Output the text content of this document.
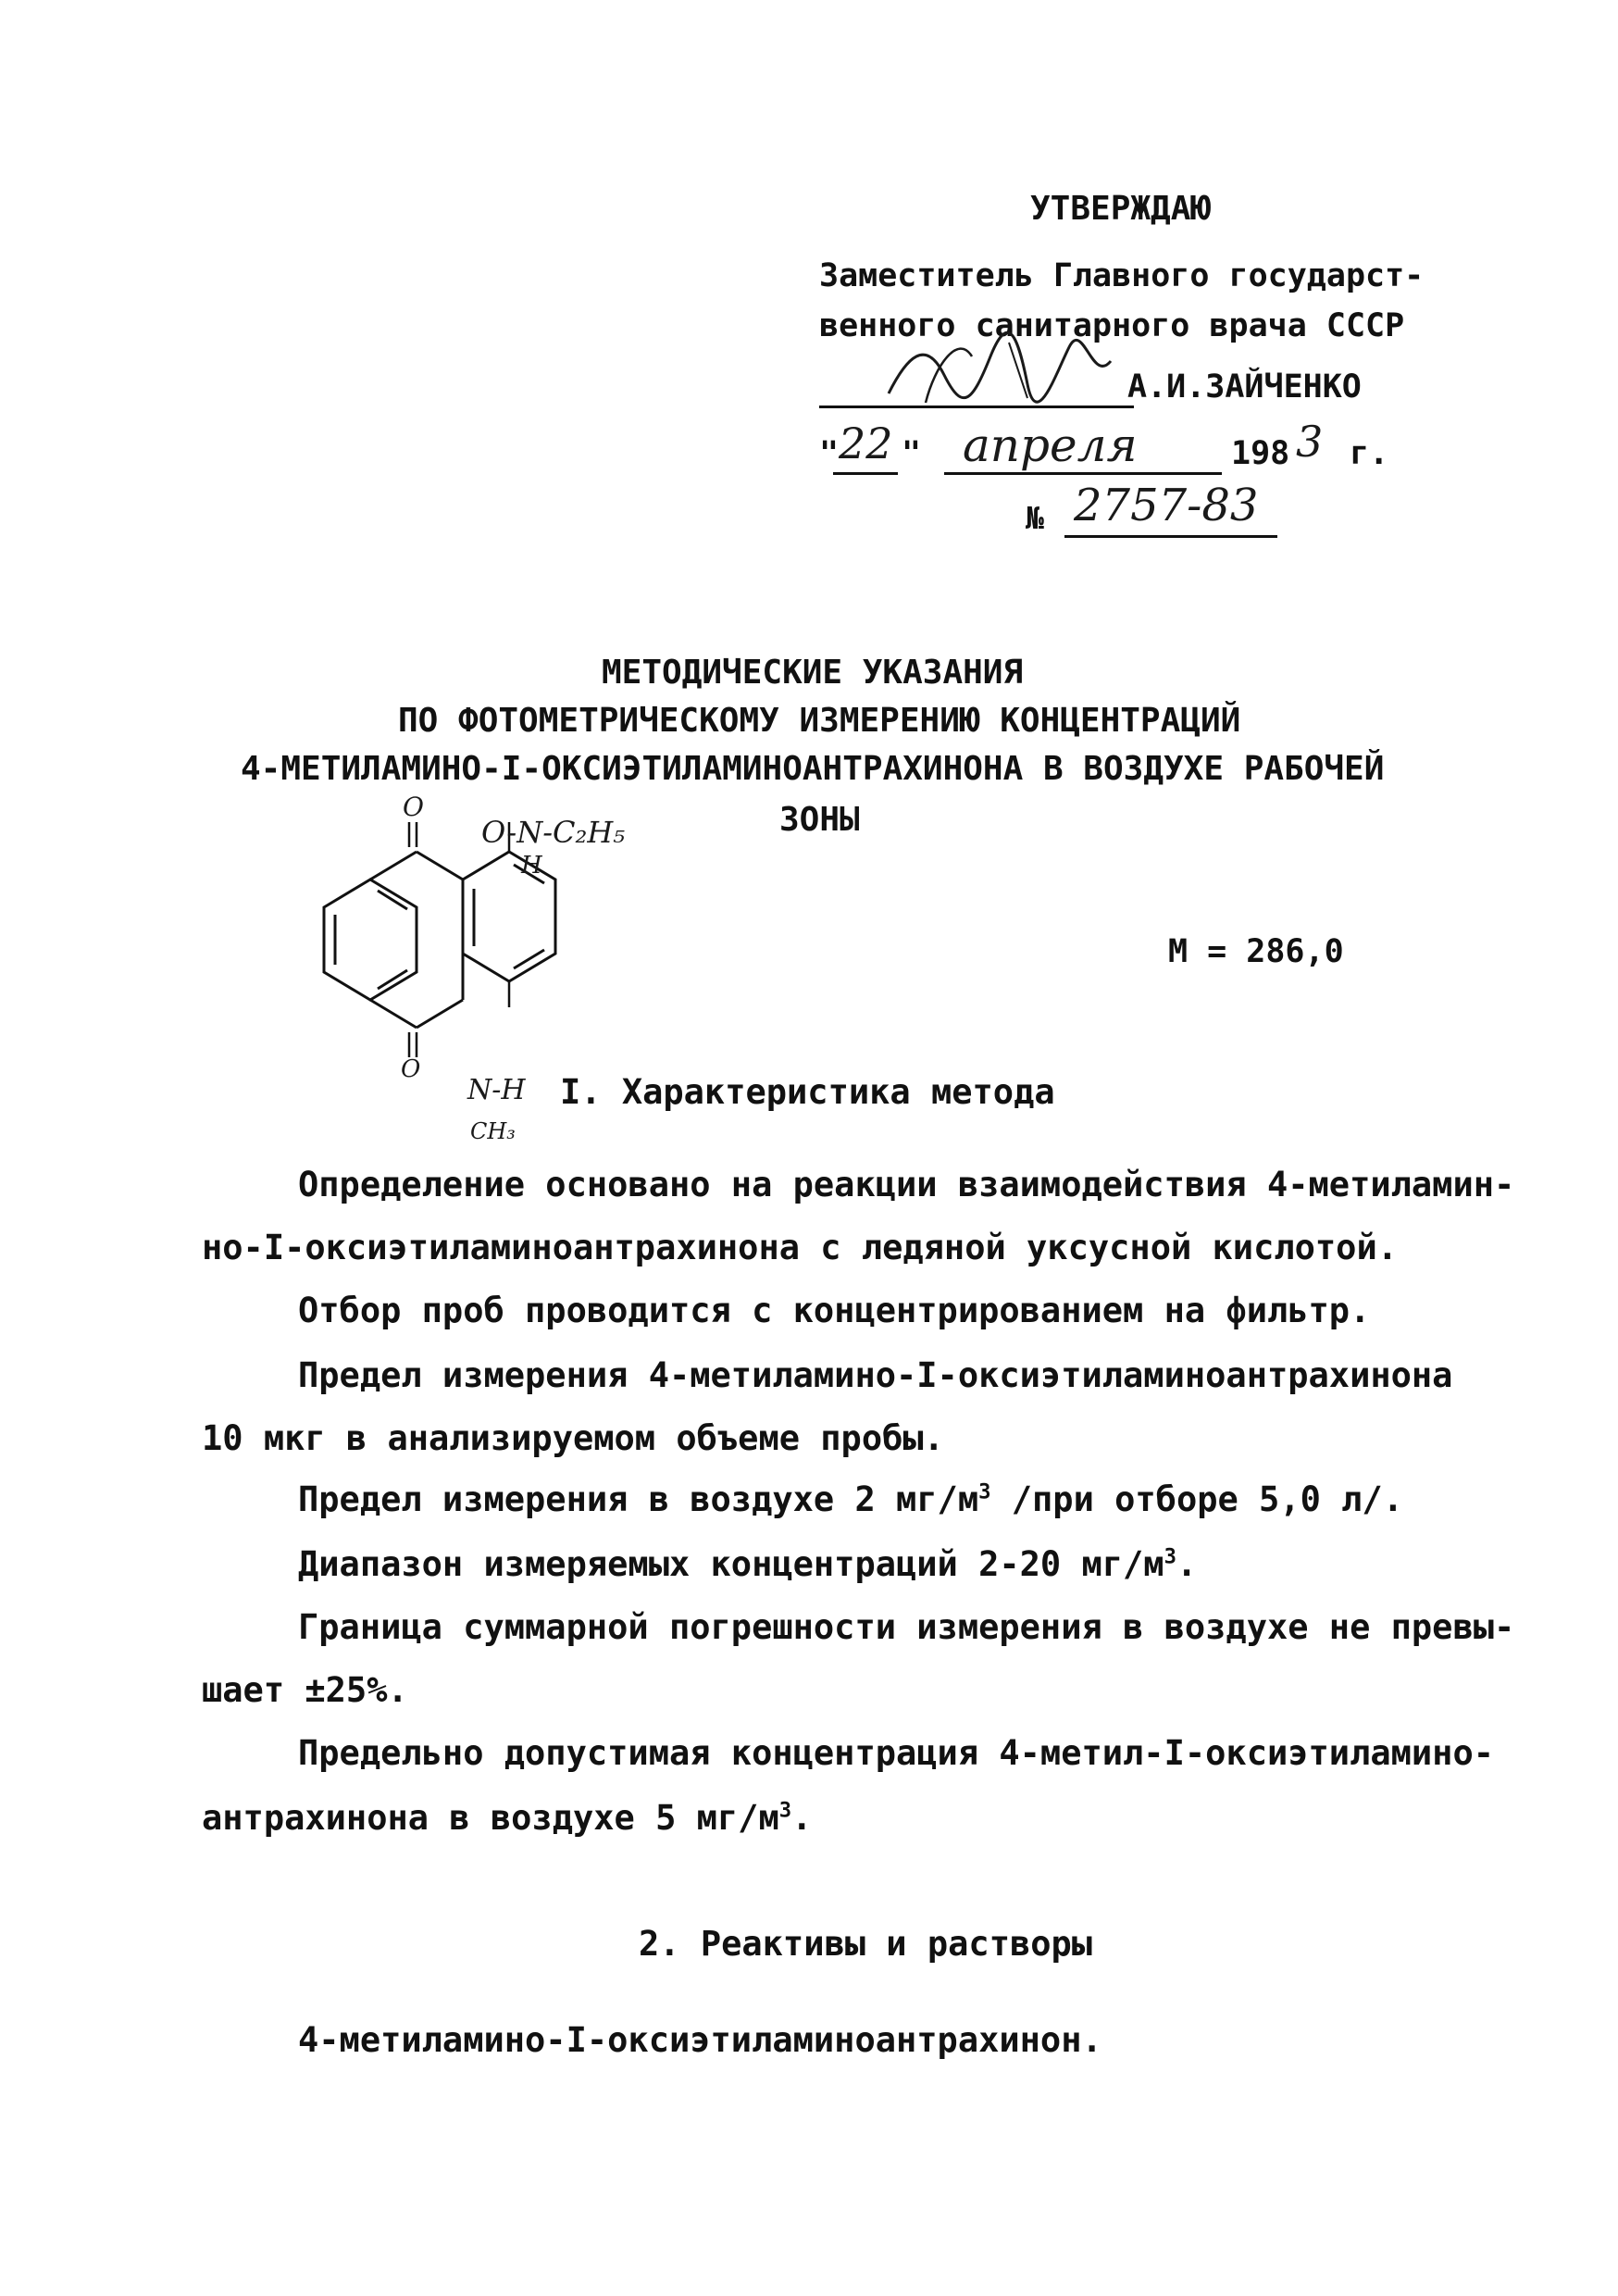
УТВЕРЖДАЮ
Заместитель Главного государст-
венного санитарного врача СССР
А.И.ЗАЙЧЕНКО
" 22 " апреля	198 3 г.
№ 2757-83
МЕТОДИЧЕСКИЕ УКАЗАНИЯ
ПО ФОТОМЕТРИЧЕСКОМУ ИЗМЕРЕНИЮ КОНЦЕНТРАЦИЙ
4-МЕТИЛАМИНО-I-ОКСИЭТИЛАМИНОАНТРАХИНОНА В ВОЗДУХЕ РАБОЧЕЙ
ЗОНЫ
O
O-N-C₂H₅
H
O
N-H
CH₃
M = 286,0
I. Характеристика метода
Определение основано на реакции взаимодействия 4-метиламин-
но-I-оксиэтиламиноантрахинона с ледяной уксусной кислотой.
Отбор проб проводится с концентрированием на фильтр.
Предел измерения 4-метиламино-I-оксиэтиламиноантрахинона
10 мкг в анализируемом объеме пробы.
Предел измерения в воздухе 2 $мг/м^3$ /при отборе 5,0 л/.
Диапазон измеряемых концентраций 2-20 $мг/м^3$.
Граница суммарной погрешности измерения в воздухе не превы-
шает ±25%.
Предельно допустимая концентрация 4-метил-I-оксиэтиламино-
антрахинона в воздухе 5 $мг/м^3$.
2. Реактивы и растворы
4-метиламино-I-оксиэтиламиноантрахинон.
